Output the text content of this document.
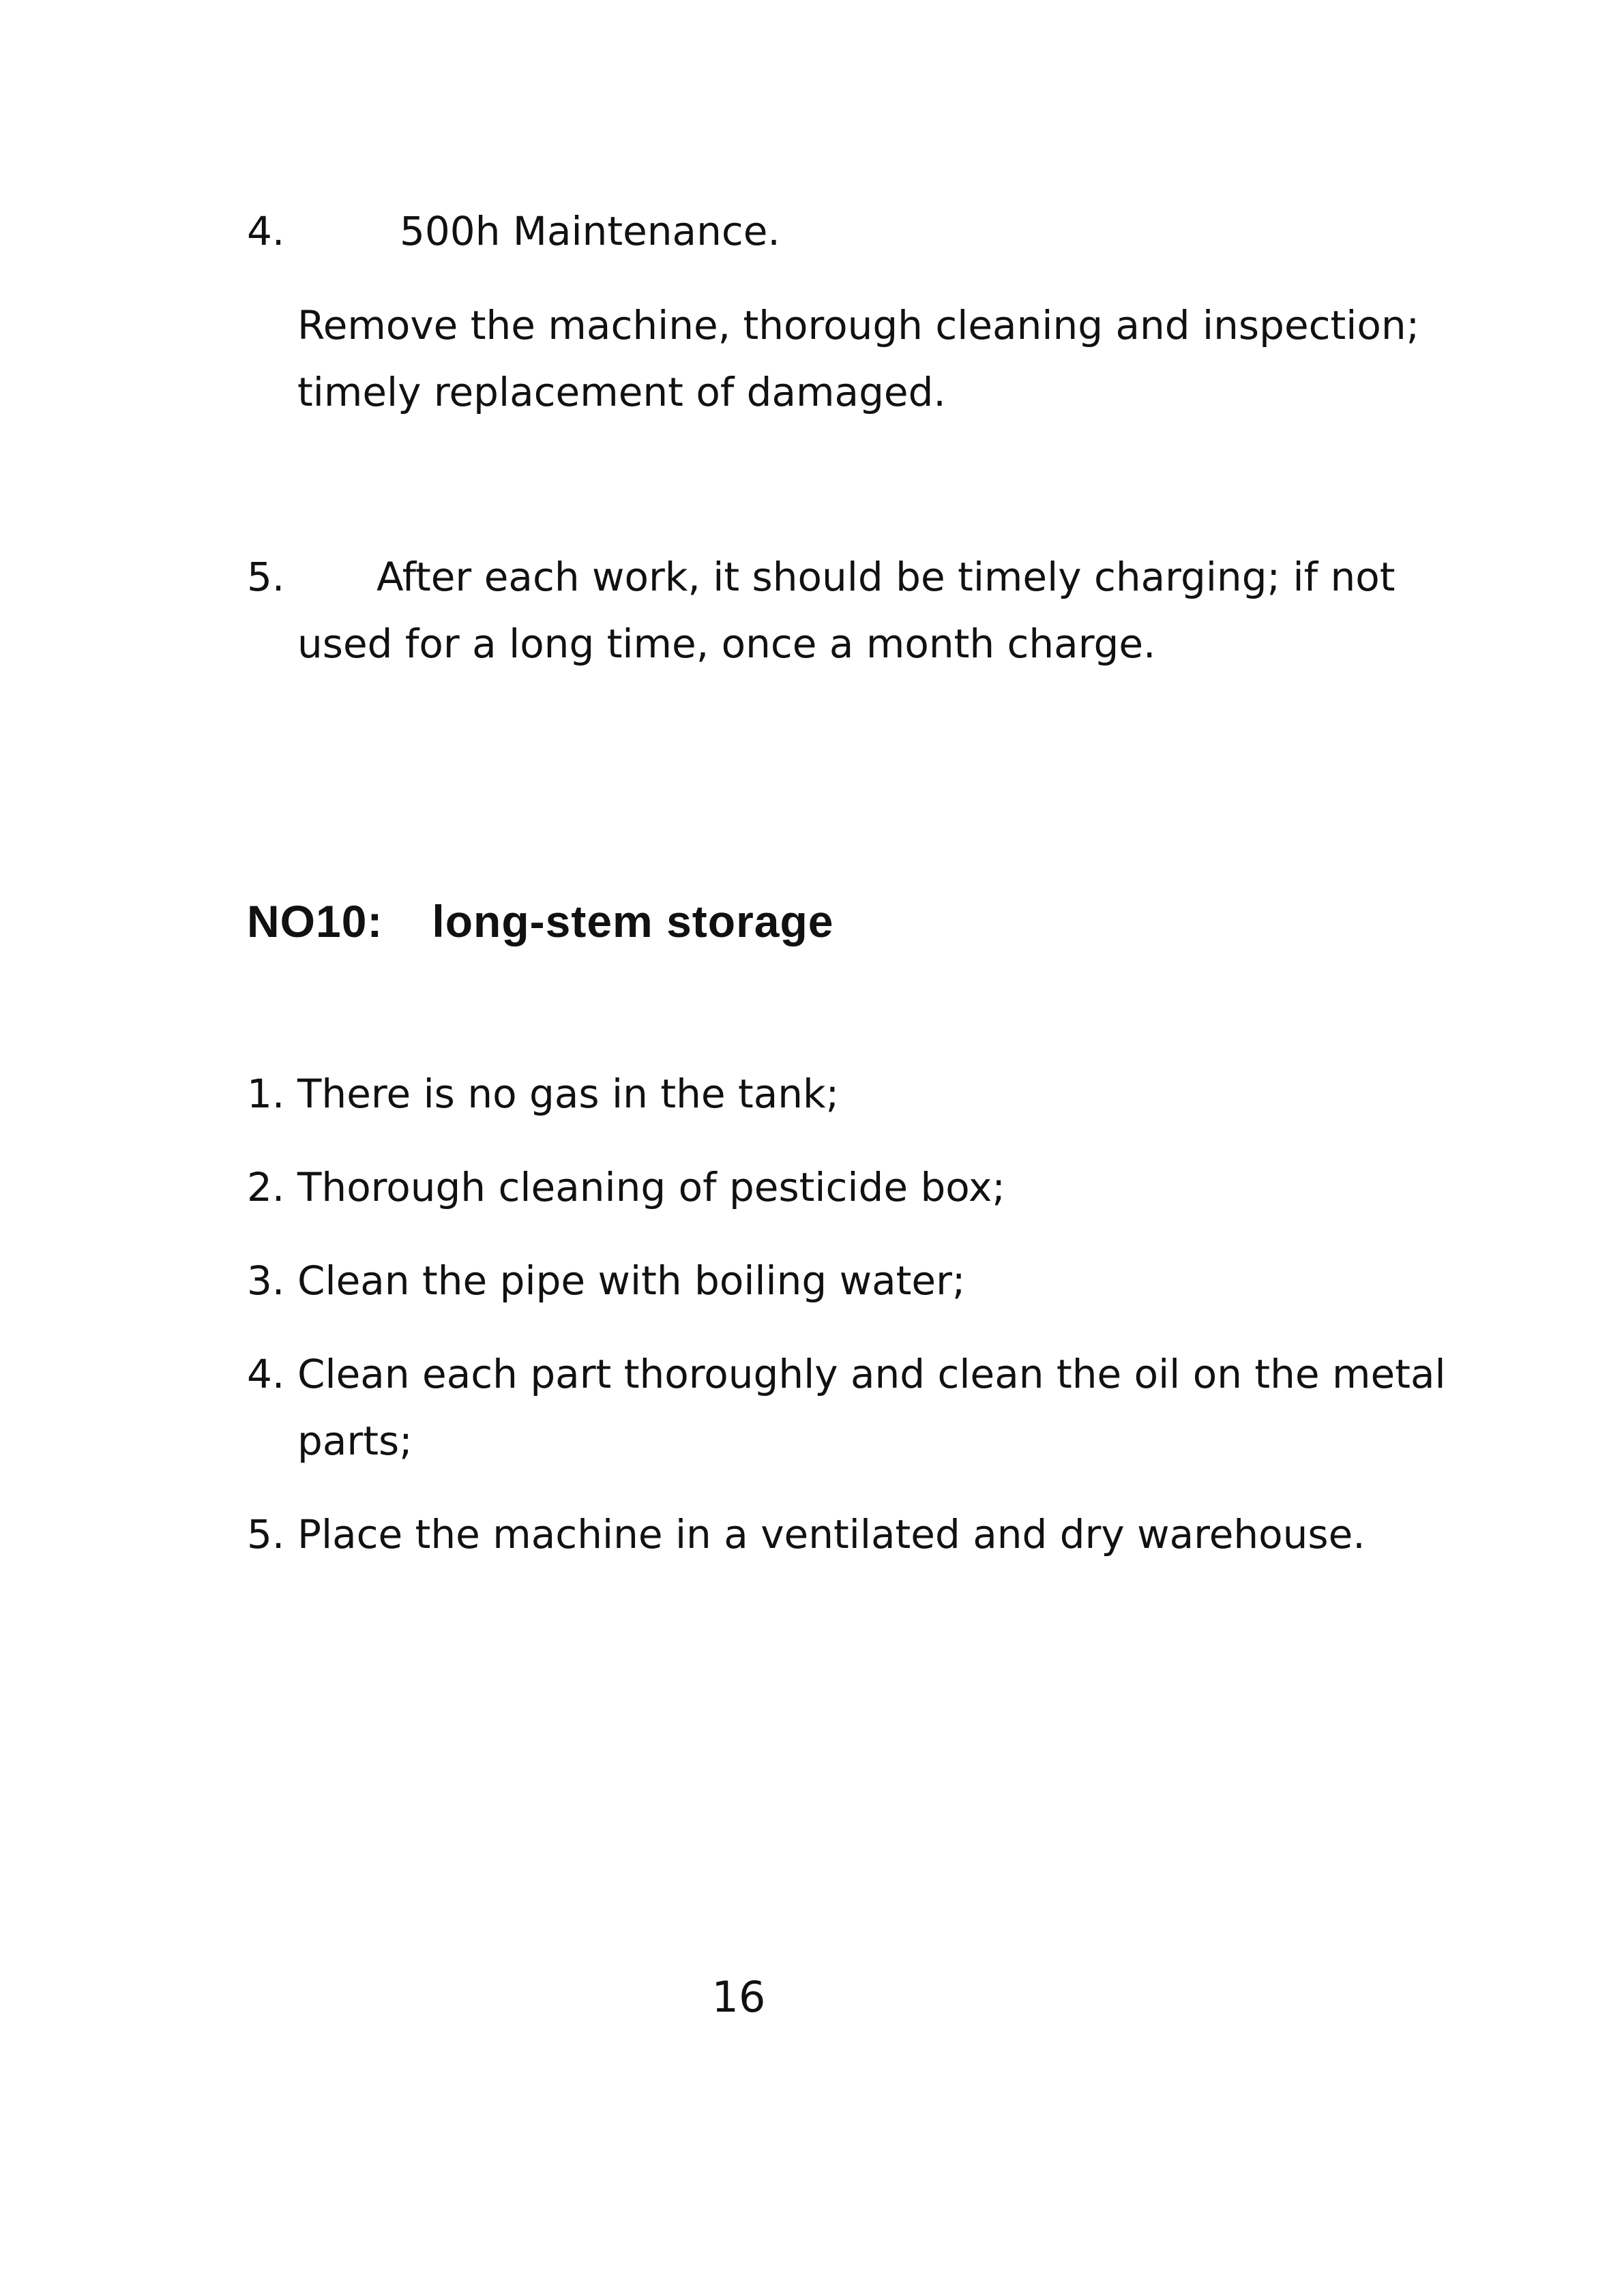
4.	500h Maintenance.

Remove the machine, thorough cleaning and inspection;

timely replacement of damaged.

5. After each work, it should be timely charging; if not

used for a long time, once a month charge.

NO10: long-stem storage
1. There is no gas in the tank;

2. Thorough cleaning of pesticide box;

3. Clean the pipe with boiling water;

4. Clean each part thoroughly and clean the oil on the metal

parts;

5. Place the machine in a ventilated and dry warehouse.

16
